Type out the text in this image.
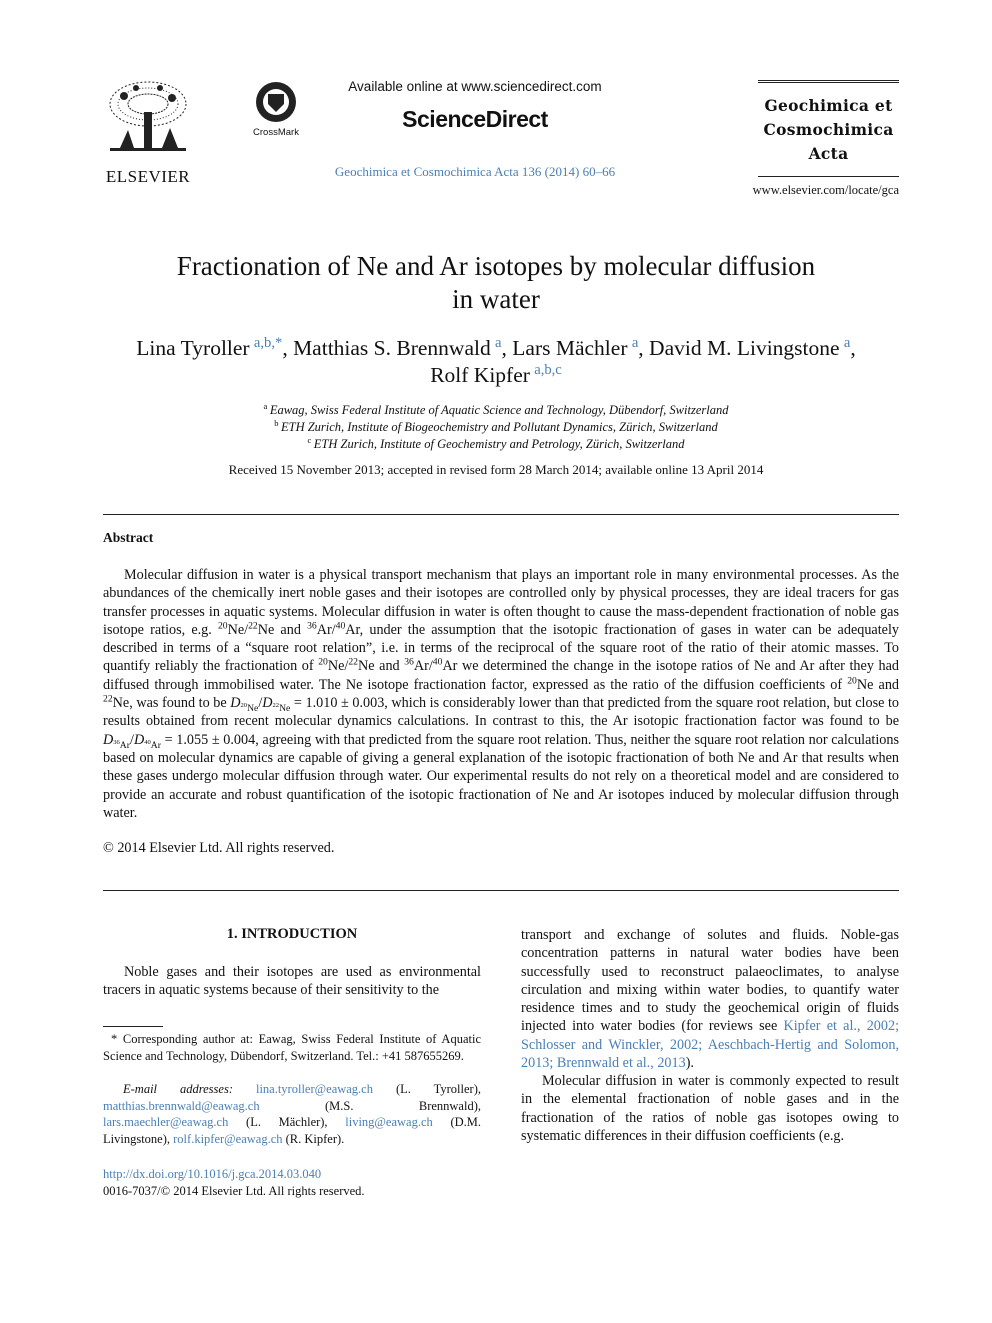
ELSEVIER
CrossMark
Available online at www.sciencedirect.com
ScienceDirect
Geochimica et Cosmochimica Acta 136 (2014) 60–66
Geochimica et
Cosmochimica
Acta
www.elsevier.com/locate/gca
Fractionation of Ne and Ar isotopes by molecular diffusion
in water
Lina Tyroller  $^{a,b,*}$, Matthias S. Brennwald  $^a$, Lars Mächler  $^a$, David M. Livingstone  $^a$,
Rolf Kipfer  $^{a,b,c}$
$^a$  Eawag, Swiss Federal Institute of Aquatic Science and Technology, Dübendorf, Switzerland
$^b$  ETH Zurich, Institute of Biogeochemistry and Pollutant Dynamics, Zürich, Switzerland
$^c$  ETH Zurich, Institute of Geochemistry and Petrology, Zürich, Switzerland
Received 15 November 2013; accepted in revised form 28 March 2014; available online 13 April 2014
Abstract
Molecular diffusion in water is a physical transport mechanism that plays an important role in many environmental processes. As the abundances of the chemically inert noble gases and their isotopes are controlled only by physical processes, they are ideal tracers for gas transfer processes in aquatic systems. Molecular diffusion in water is often thought to cause the mass-dependent fractionation of noble gas isotope ratios, e.g. $^{20}$Ne/$^{22}$Ne and $^{36}$Ar/$^{40}$Ar, under the assumption that the isotopic fractionation of gases in water can be adequately described in terms of a “square root relation”, i.e. in terms of the reciprocal of the square root of the ratio of their atomic masses. To quantify reliably the fractionation of $^{20}$Ne/$^{22}$Ne and $^{36}$Ar/$^{40}$Ar we determined the change in the isotope ratios of Ne and Ar after they had diffused through immobilised water. The Ne isotope fractionation factor, expressed as the ratio of the diffusion coefficients of $^{20}$Ne and $^{22}$Ne, was found to be $D_{^{20}Ne}/D_{^{22}Ne} = 1.010 \pm 0.003$, which is considerably lower than that predicted from the square root relation, but close to results obtained from recent molecular dynamics calculations. In contrast to this, the Ar isotopic fractionation factor was found to be $D_{^{36}Ar}/D_{^{40}Ar} = 1.055 \pm 0.004$, agreeing with that predicted from the square root relation. Thus, neither the square root relation nor calculations based on molecular dynamics are capable of giving a general explanation of the isotopic fractionation of both Ne and Ar that results when these gases undergo molecular diffusion through water. Our experimental results do not rely on a theoretical model and are considered to provide an accurate and robust quantification of the isotopic fractionation of Ne and Ar isotopes induced by molecular diffusion through water.
© 2014 Elsevier Ltd. All rights reserved.
1. INTRODUCTION
Noble gases and their isotopes are used as environmental tracers in aquatic systems because of their sensitivity to the
* Corresponding author at: Eawag, Swiss Federal Institute of Aquatic Science and Technology, Dübendorf, Switzerland. Tel.: +41 587655269.
E-mail addresses: lina.tyroller@eawag.ch (L. Tyroller), matthias.brennwald@eawag.ch	(M.S. Brennwald), lars.maechler@eawag.ch (L. Mächler), living@eawag.ch (D.M. Livingstone), rolf.kipfer@eawag.ch (R. Kipfer).
http://dx.doi.org/10.1016/j.gca.2014.03.040
0016-7037/© 2014 Elsevier Ltd. All rights reserved.
transport and exchange of solutes and fluids. Noble-gas concentration patterns in natural water bodies have been successfully used to reconstruct palaeoclimates, to analyse circulation and mixing within water bodies, to quantify water residence times and to study the geochemical origin of fluids injected into water bodies (for reviews see Kipfer et al., 2002; Schlosser and Winckler, 2002; Aeschbach-Hertig and Solomon, 2013; Brennwald et al., 2013).
Molecular diffusion in water is commonly expected to result in the elemental fractionation of noble gases and in the fractionation of the ratios of noble gas isotopes owing to systematic differences in their diffusion coefficients (e.g.
